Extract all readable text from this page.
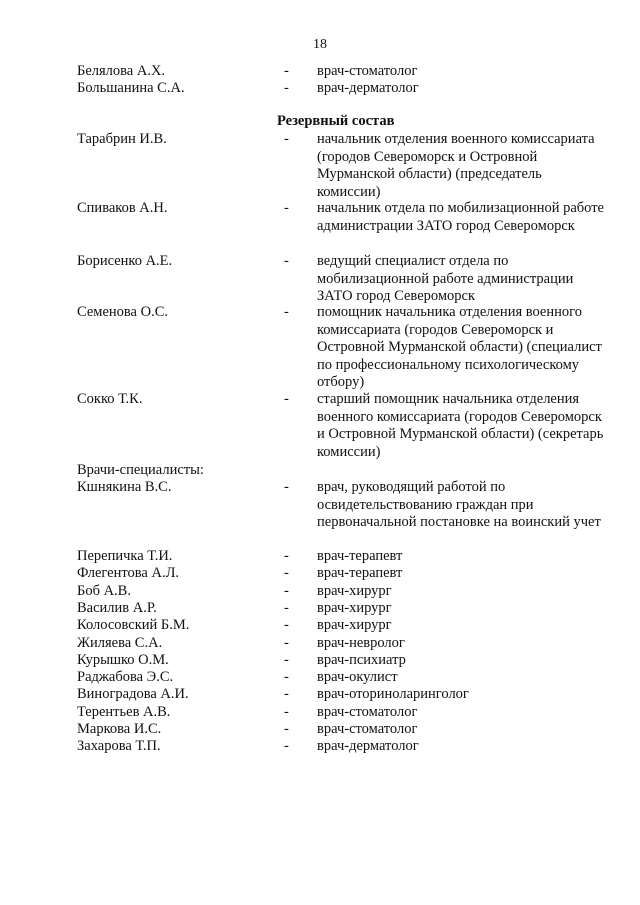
18
Белялова А.Х.	- врач-стоматолог
Большанина С.А.	- врач-дерматолог
Резервный состав
Тарабрин И.В.	- начальник отделения военного комиссариата (городов Североморск и Островной Мурманской области) (председатель комиссии)
Спиваков А.Н.	- начальник отдела по мобилизационной работе администрации ЗАТО город Североморск
Борисенко А.Е.	- ведущий специалист отдела по мобилизационной работе администрации ЗАТО город Североморск
Семенова О.С.	- помощник начальника отделения военного комиссариата (городов Североморск и Островной Мурманской области) (специалист по профессиональному психологическому отбору)
Сокко Т.К.	- старший помощник начальника отделения военного комиссариата (городов Североморск и Островной Мурманской области) (секретарь комиссии)
Врачи-специалисты:
Кшнякина В.С.	- врач, руководящий работой по освидетельствованию граждан при первоначальной постановке на воинский учет
Перепичка Т.И.	- врач-терапевт
Флегентова А.Л.	- врач-терапевт
Боб А.В.	- врач-хирург
Василив А.Р.	- врач-хирург
Колосовский Б.М.	- врач-хирург
Жиляева С.А.	- врач-невролог
Курышко О.М.	- врач-психиатр
Раджабова Э.С.	- врач-окулист
Виноградова А.И.	- врач-оториноларинголог
Терентьев А.В.	- врач-стоматолог
Маркова И.С.	- врач-стоматолог
Захарова Т.П.	- врач-дерматолог
